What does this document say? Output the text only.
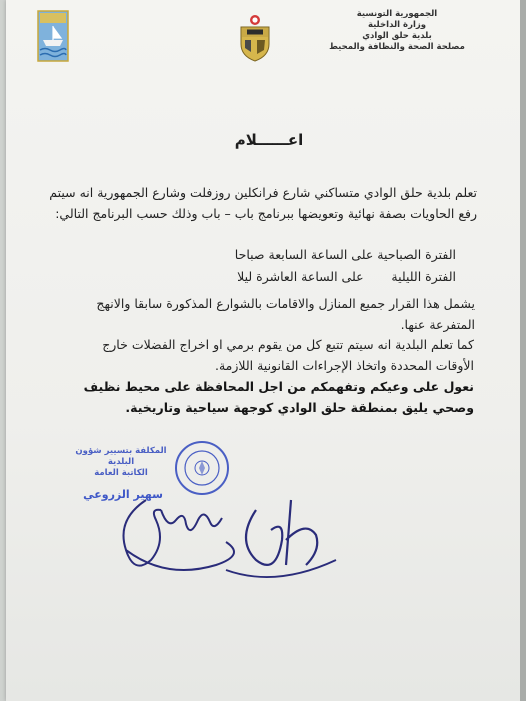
الجمهورية التونسية
وزارة الداخلية
بلدية حلق الوادي
مصلحة الصحة والنظافة والمحيط
اعــــــلام
تعلم بلدية حلق الوادي متساكني شارع فرانكلين روزفلت وشارع الجمهورية انه سيتم رفع الحاويات بصفة نهائية وتعويضها ببرنامج باب – باب وذلك حسب البرنامج التالي:
الفترة الصباحية على الساعة السابعة صباحا
الفترة الليلية       على الساعة العاشرة ليلا
يشمل هذا القرار جميع المنازل والاقامات بالشوارع المذكورة سابقا والانهج المتفرعة عنها.
كما تعلم البلدية انه سيتم تتبع كل من يقوم برمي او اخراج الفضلات خارج الأوقات المحددة واتخاذ الإجراءات القانونية اللازمة.
نعول على وعيكم وتفهمكم من اجل المحافظة على محيط نظيف وصحي يليق بمنطقة حلق الوادي كوجهة سياحية وتاريخية.
المكلفة بتسيير شؤون البلدية
الكاتبة العامة
سهير الزروعي
